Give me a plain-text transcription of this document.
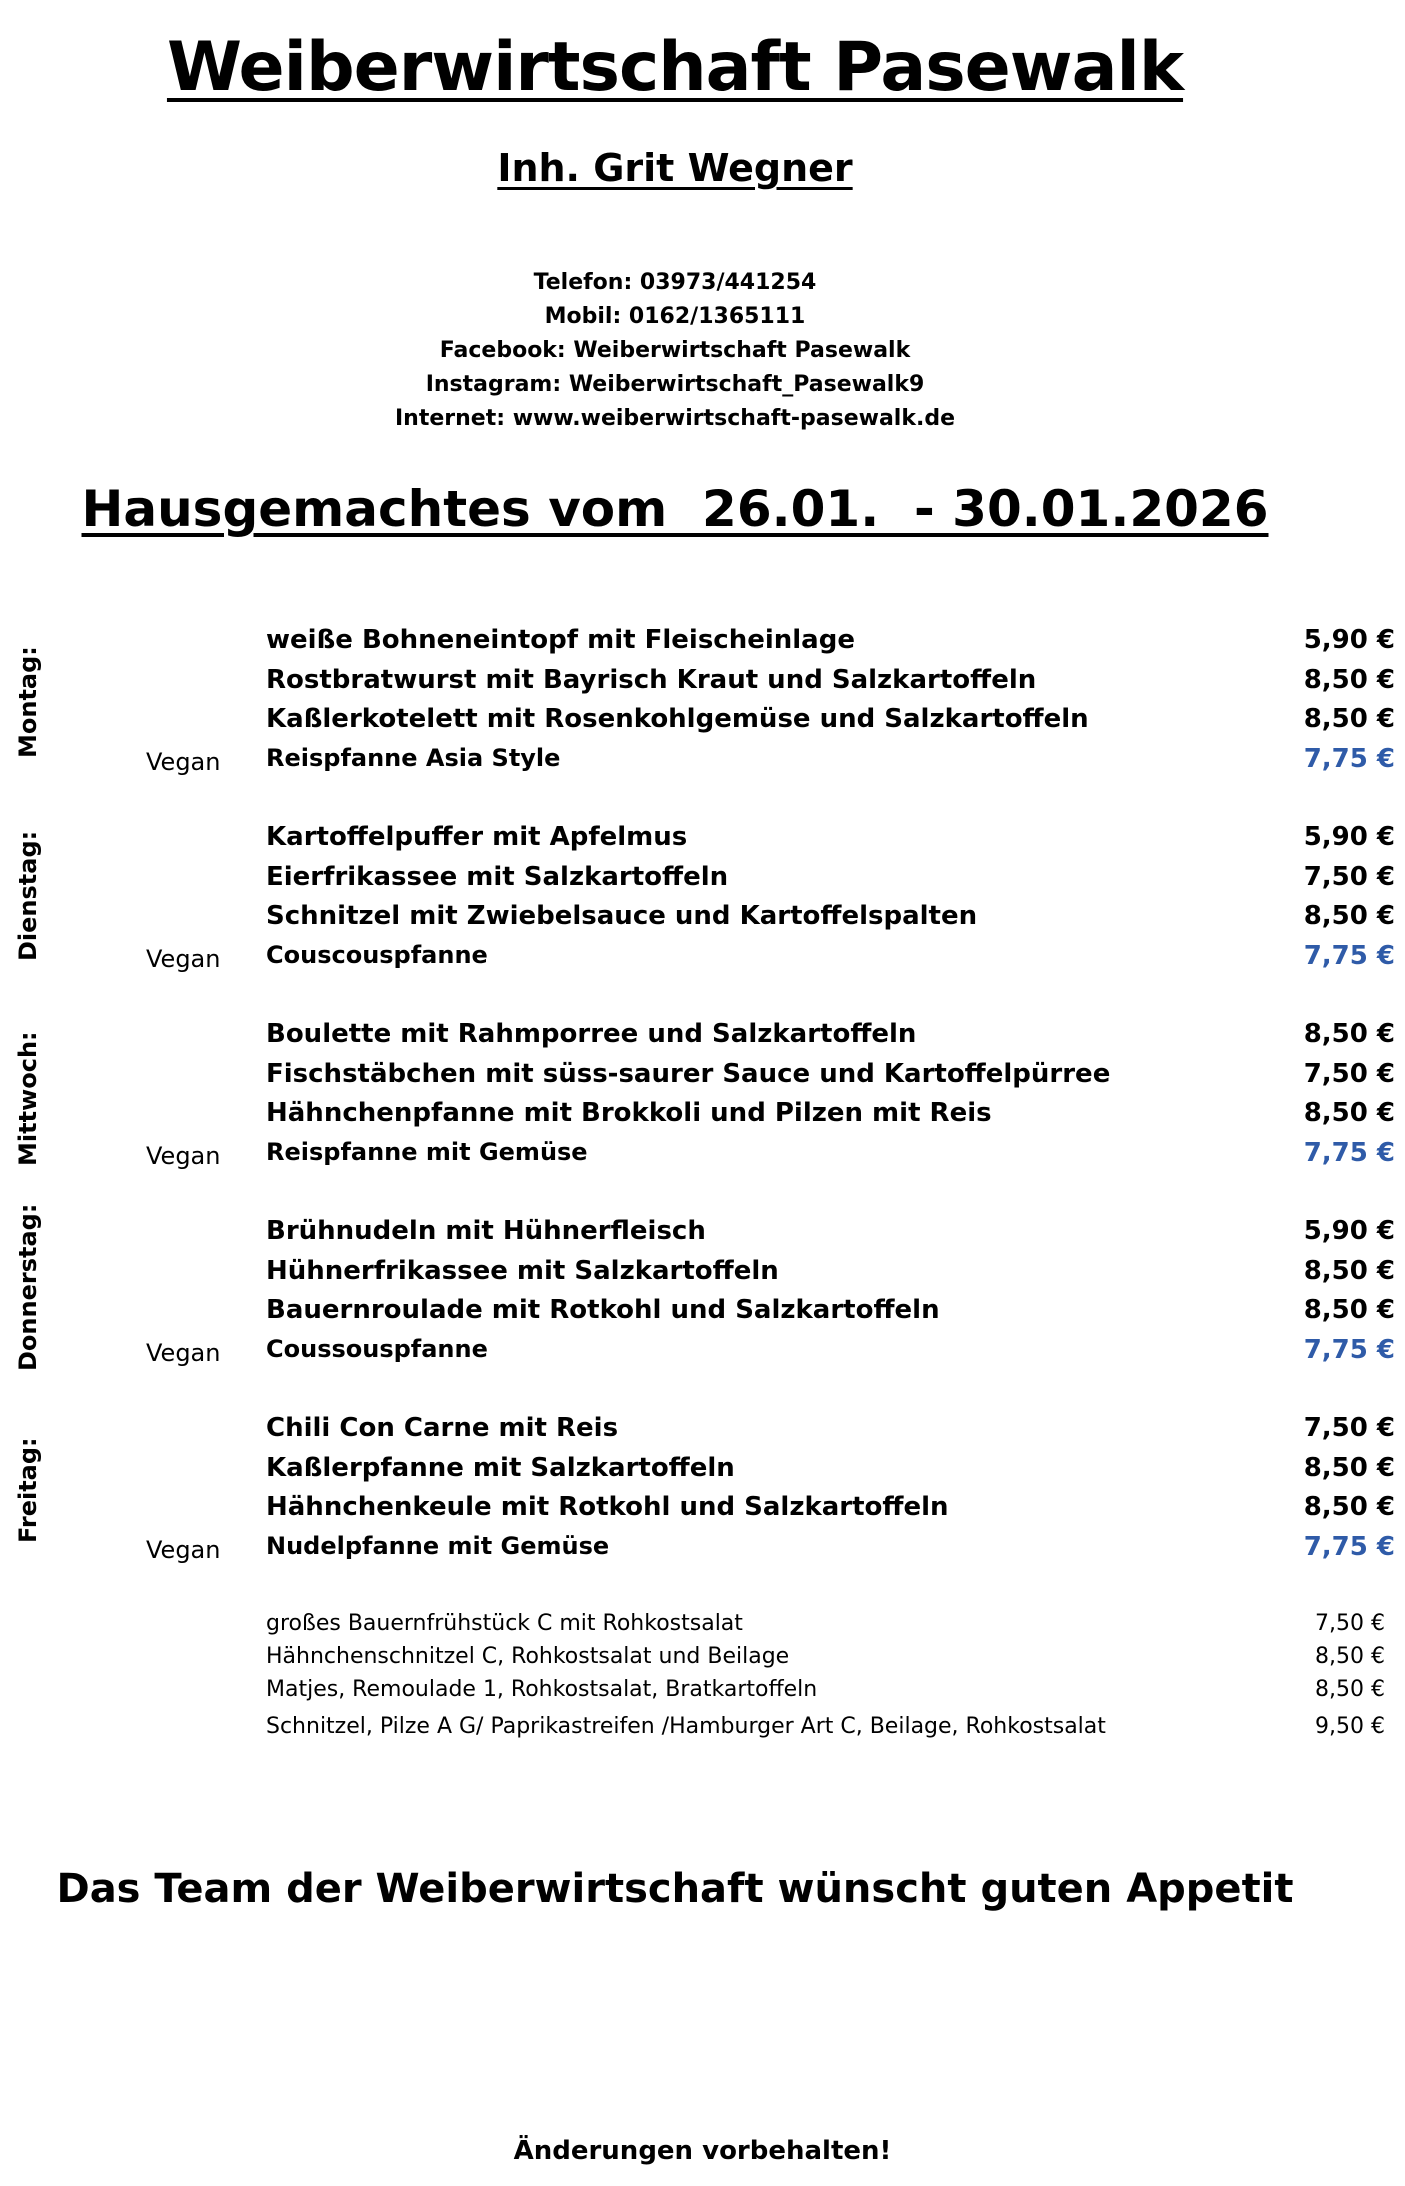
Weiberwirtschaft Pasewalk
Inh. Grit Wegner
Telefon: 03973/441254
Mobil: 0162/1365111
Facebook: Weiberwirtschaft Pasewalk
Instagram: Weiberwirtschaft_Pasewalk9
Internet: www.weiberwirtschaft-pasewalk.de
Hausgemachtes vom  26.01.  - 30.01.2026
Montag:
weiße Bohneneintopf mit Fleischeinlage	5,90 €
Rostbratwurst mit Bayrisch Kraut und Salzkartoffeln	8,50 €
Kaßlerkotelett mit Rosenkohlgemüse und Salzkartoffeln	8,50 €
Vegan Reispfanne Asia Style	7,75 €
Dienstag:	Kartoffelpuffer mit Apfelmus	5,90 €
Eierfrikassee mit Salzkartoffeln	7,50 €
Schnitzel mit Zwiebelsauce und Kartoffelspalten	8,50 €
Vegan Couscouspfanne	7,75 €
Mittwoch:	Boulette mit Rahmporree und Salzkartoffeln	8,50 €
Fischstäbchen mit süss-saurer Sauce und Kartoffelpürree	7,50 €
Hähnchenpfanne mit Brokkoli und Pilzen mit Reis	8,50 €
Vegan Reispfanne mit Gemüse	7,75 €
Donnerstag:	Brühnudeln mit Hühnerfleisch	5,90 €
Hühnerfrikassee mit Salzkartoffeln	8,50 €
Bauernroulade mit Rotkohl und Salzkartoffeln	8,50 €
Vegan Coussouspfanne	7,75 €
Freitag:
Chili Con Carne mit Reis	7,50 €
Kaßlerpfanne mit Salzkartoffeln	8,50 €
Hähnchenkeule mit Rotkohl und Salzkartoffeln	8,50 €
Vegan Nudelpfanne mit Gemüse	7,75 €
großes Bauernfrühstück C mit Rohkostsalat	7,50 €
Hähnchenschnitzel C, Rohkostsalat und Beilage	8,50 €
Matjes, Remoulade 1, Rohkostsalat, Bratkartoffeln	8,50 €
Schnitzel, Pilze A G/ Paprikastreifen /Hamburger Art C, Beilage, Rohkostsalat	9,50 €
Das Team der Weiberwirtschaft wünscht guten Appetit
Änderungen vorbehalten!
